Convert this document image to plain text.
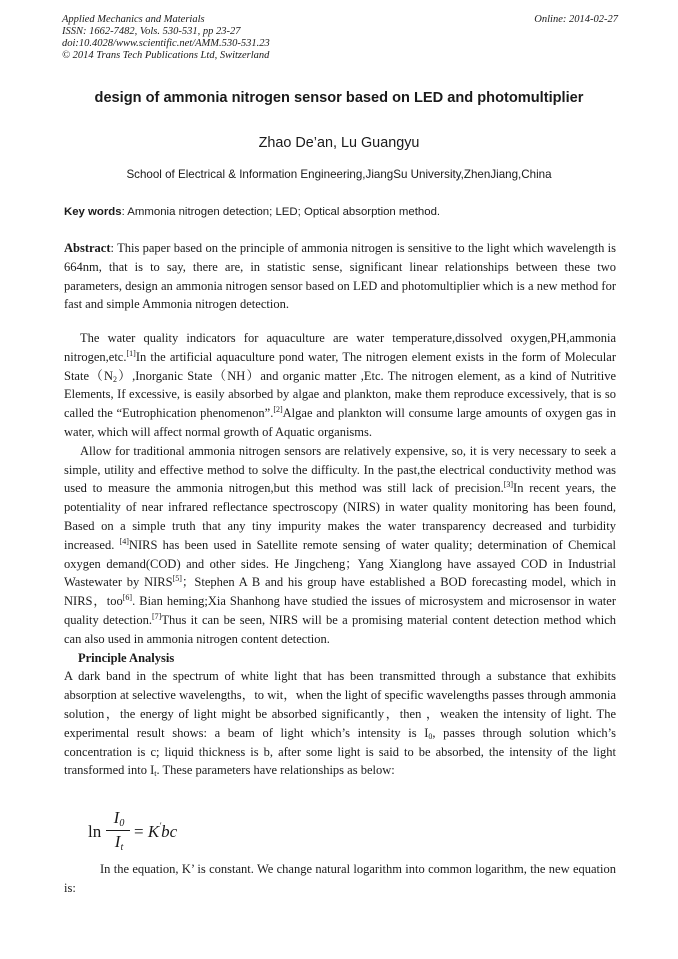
Applied Mechanics and Materials
ISSN: 1662-7482, Vols. 530-531, pp 23-27
doi:10.4028/www.scientific.net/AMM.530-531.23
© 2014 Trans Tech Publications Ltd, Switzerland
Online: 2014-02-27
design of ammonia nitrogen sensor based on LED and photomultiplier
Zhao De’an, Lu Guangyu
School of Electrical & Information Engineering,JiangSu University,ZhenJiang,China
Key words: Ammonia nitrogen detection; LED; Optical absorption method.

Abstract: This paper based on the principle of ammonia nitrogen is sensitive to the light which wavelength is 664nm, that is to say, there are, in statistic sense, significant linear relationships between these two parameters, design an ammonia nitrogen sensor based on LED and photomultiplier which is a new method for fast and simple Ammonia nitrogen detection.

The water quality indicators for aquaculture are water temperature,dissolved oxygen,PH,ammonia nitrogen,etc.[1]In the artificial aquaculture pond water, The nitrogen element exists in the form of Molecular $State(N_2),Inorganic$ State（NH）and organic matter ,Etc. The nitrogen element, as a kind of Nutritive Elements, If excessive, is easily absorbed by algae and plankton, make them reproduce excessively, that is so called the “Eutrophication phenomenon”.[2]Algae and plankton will consume large amounts of oxygen gas in water, which will affect normal growth of Aquatic organisms.

Allow for traditional ammonia nitrogen sensors are relatively expensive, so, it is very necessary to seek a simple, utility and effective method to solve the difficulty. In the past,the electrical conductivity method was used to measure the ammonia nitrogen,but this method was still lack of precision.[3]In recent years, the potentiality of near infrared reflectance spectroscopy (NIRS) in water quality monitoring has been found, Based on a simple truth that any tiny impurity makes the water transparency decreased and turbidity increased. [4]NIRS has been used in Satellite remote sensing of water quality; determination of Chemical oxygen demand(COD) and other sides. He Jingcheng；Yang Xianglong have assayed COD in Industrial Wastewater by NIRS[5]；Stephen A B and his group have established a BOD forecasting model, which in NIRS，too[6]. Bian heming;Xia Shanhong have studied the issues of microsystem and microsensor in water quality detection.[7]Thus it can be seen, NIRS will be a promising material content detection method which can also used in ammonia nitrogen content detection.

Principle Analysis

A dark band in the spectrum of white light that has been transmitted through a substance that exhibits absorption at selective wavelengths，to wit，when the light of specific wavelengths passes through ammonia solution，the energy of light might be absorbed significantly，then ，weaken the intensity of light. The experimental result shows: a beam of light which’s intensity is $I_0$, passes through solution which’s concentration is c; liquid thickness is b, after some light is said to be absorbed, the intensity of the light transformed into $I_t$. These parameters have relationships as below:

ln
$I_0$
$I_t$
= K'bc

In the equation, K’ is constant. We change natural logarithm into common logarithm, the new equation is:
